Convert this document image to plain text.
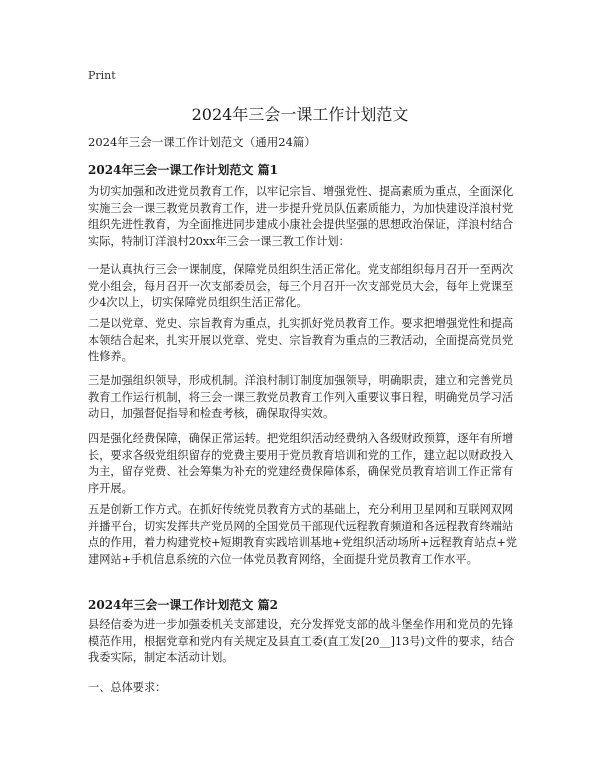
Print
2024年三会一课工作计划范文
2024年三会一课工作计划范文（通用24篇）
2024年三会一课工作计划范文 篇1

为切实加强和改进党员教育工作，以牢记宗旨、增强党性、提高素质为重点，全面深化实施三会一课三教党员教育工作，进一步提升党员队伍素质能力，为加快建设洋浪村党组织先进性教育，为全面推进同步建成小康社会提供坚强的思想政治保证，洋浪村结合实际，特制订洋浪村20xx年三会一课三教工作计划：

一是认真执行三会一课制度，保障党员组织生活正常化。党支部组织每月召开一至两次党小组会，每月召开一次支部委员会，每三个月召开一次支部党员大会，每年上党课至少4次以上，切实保障党员组织生活正常化。

二是以党章、党史、宗旨教育为重点，扎实抓好党员教育工作。要求把增强党性和提高本领结合起来，扎实开展以党章、党史、宗旨教育为重点的三教活动，全面提高党员党性修养。

三是加强组织领导，形成机制。洋浪村制订制度加强领导，明确职责，建立和完善党员教育工作运行机制，将三会一课三教党员教育工作列入重要议事日程，明确党员学习活动日，加强督促指导和检查考核，确保取得实效。

四是强化经费保障，确保正常运转。把党组织活动经费纳入各级财政预算，逐年有所增长，要求各级党组织留存的党费主要用于党员教育培训和党的工作，建立起以财政投入为主，留存党费、社会筹集为补充的党建经费保障体系，确保党员教育培训工作正常有序开展。

五是创新工作方式。在抓好传统党员教育方式的基础上，充分利用卫星网和互联网双网并播平台，切实发挥共产党员网的全国党员干部现代远程教育频道和各远程教育终端站点的作用，着力构建党校+短期教育实践培训基地+党组织活动场所+远程教育站点+党建网站+手机信息系统的六位一体党员教育网络，全面提升党员教育工作水平。

2024年三会一课工作计划范文 篇2

县经信委为进一步加强委机关支部建设，充分发挥党支部的战斗堡垒作用和党员的先锋模范作用，根据党章和党内有关规定及县直工委(直工发[20__]13号)文件的要求，结合我委实际，制定本活动计划。

一、总体要求：
